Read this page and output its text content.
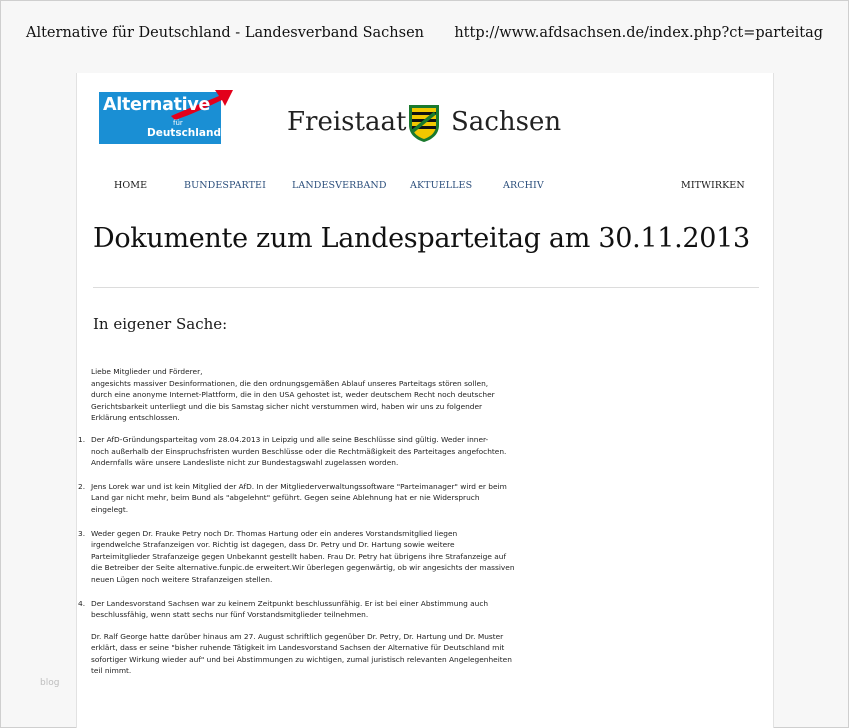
Alternative für Deutschland - Landesverband Sachsen http://www.afdsachsen.de/index.php?ct=parteitag
Alternative
für
Deutschland	Freistaat Sachsen
HOME	BUNDESPARTEI	LANDESVERBAND AKTUELLES	ARCHIV	MITWIRKEN
Dokumente zum Landesparteitag am 30.11.2013
In eigener Sache:
Liebe Mitglieder und Förderer,
angesichts massiver Desinformationen, die den ordnungsgemäßen Ablauf unseres Parteitags stören sollen,
durch eine anonyme Internet-Plattform, die in den USA gehostet ist, weder deutschem Recht noch deutscher
Gerichtsbarkeit unterliegt und die bis Samstag sicher nicht verstummen wird, haben wir uns zu folgender
Erklärung entschlossen.
1. Der AfD-Gründungsparteitag vom 28.04.2013 in Leipzig und alle seine Beschlüsse sind gültig. Weder inner-
noch außerhalb der Einspruchsfristen wurden Beschlüsse oder die Rechtmäßigkeit des Parteitages angefochten.
Andernfalls wäre unsere Landesliste nicht zur Bundestagswahl zugelassen worden.
2. Jens Lorek war und ist kein Mitglied der AfD. In der Mitgliederverwaltungssoftware "Parteimanager" wird er beim
Land gar nicht mehr, beim Bund als "abgelehnt" geführt. Gegen seine Ablehnung hat er nie Widerspruch
eingelegt.
3. Weder gegen Dr. Frauke Petry noch Dr. Thomas Hartung oder ein anderes Vorstandsmitglied liegen
irgendwelche Strafanzeigen vor. Richtig ist dagegen, dass Dr. Petry und Dr. Hartung sowie weitere
Parteimitglieder Strafanzeige gegen Unbekannt gestellt haben. Frau Dr. Petry hat übrigens ihre Strafanzeige auf
die Betreiber der Seite alternative.funpic.de erweitert.Wir überlegen gegenwärtig, ob wir angesichts der massiven
neuen Lügen noch weitere Strafanzeigen stellen.
4. Der Landesvorstand Sachsen war zu keinem Zeitpunkt beschlussunfähig. Er ist bei einer Abstimmung auch
beschlussfähig, wenn statt sechs nur fünf Vorstandsmitglieder teilnehmen.
Dr. Ralf George hatte darüber hinaus am 27. August schriftlich gegenüber Dr. Petry, Dr. Hartung und Dr. Muster
erklärt, dass er seine "bisher ruhende Tätigkeit im Landesvorstand Sachsen der Alternative für Deutschland mit
sofortiger Wirkung wieder auf" und bei Abstimmungen zu wichtigen, zumal juristisch relevanten Angelegenheiten
teil nimmt.
blog
